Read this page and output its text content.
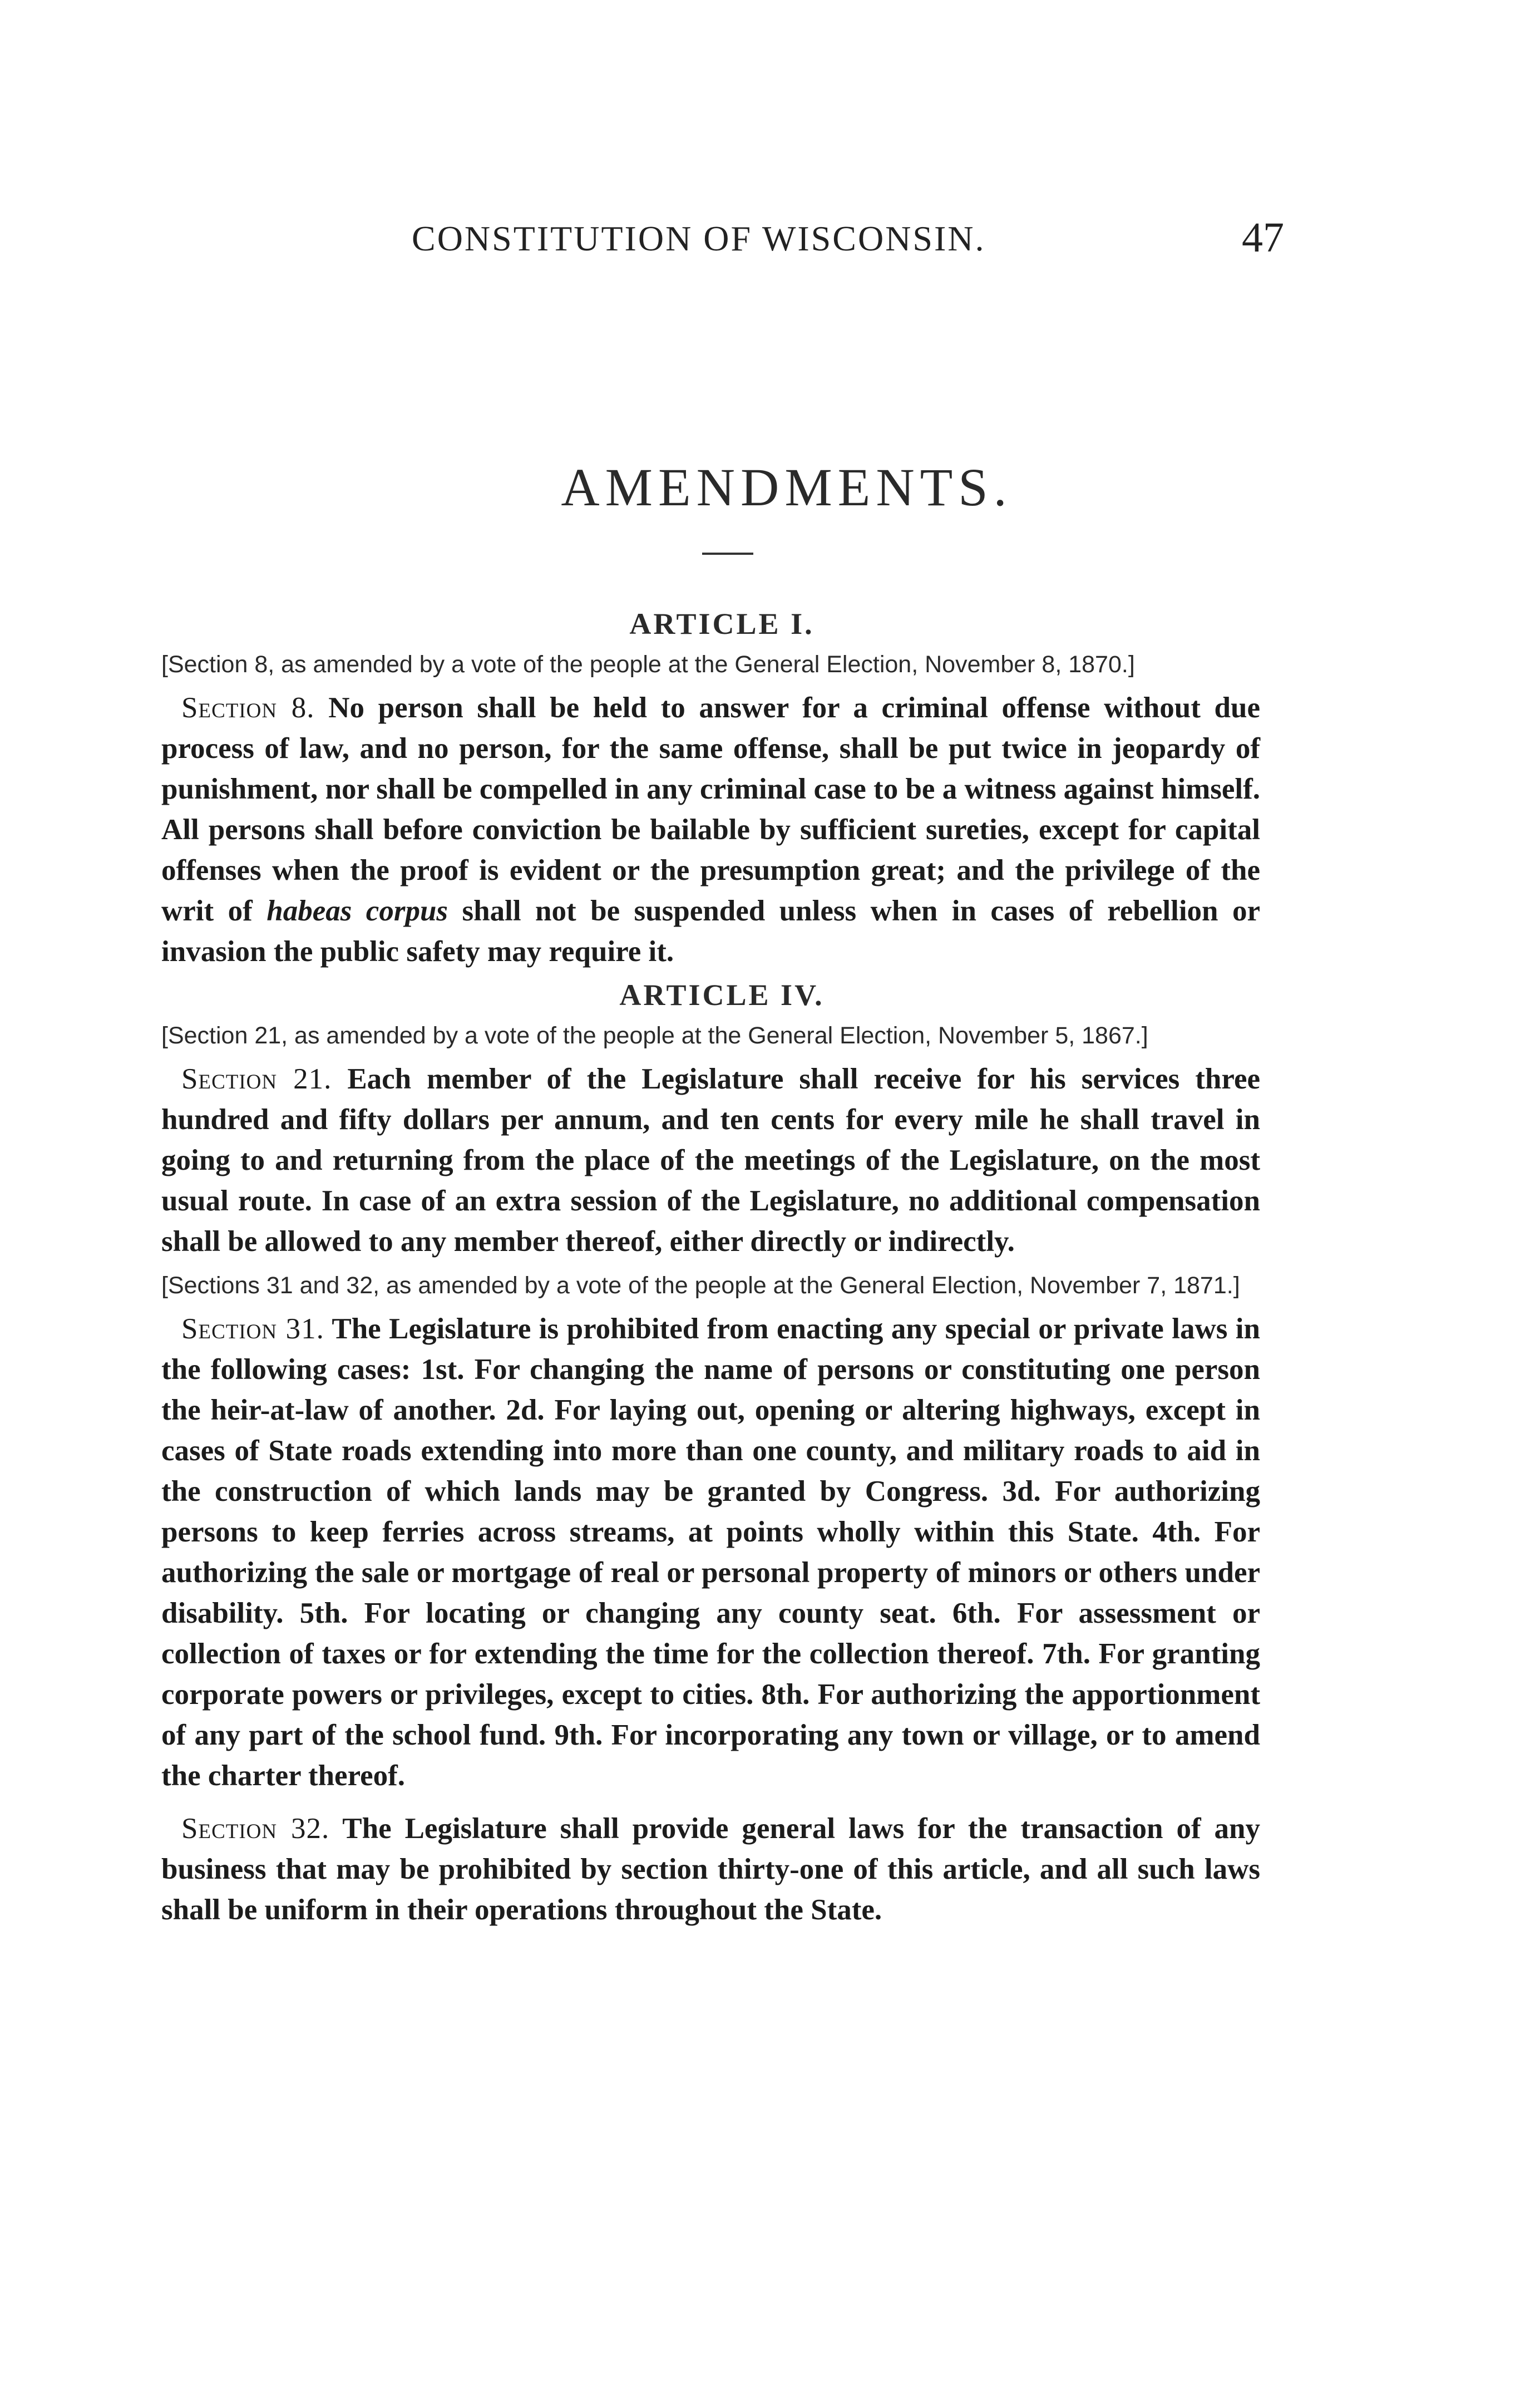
CONSTITUTION OF WISCONSIN.	47
AMENDMENTS.
ARTICLE I.

[Section 8, as amended by a vote of the people at the General Election, November 8, 1870.]

Section 8. No person shall be held to answer for a criminal offense without due process of law, and no person, for the same offense, shall be put twice in jeopardy of punishment, nor shall be compelled in any criminal case to be a witness against himself. All persons shall before conviction be bailable by sufficient sureties, except for capital offenses when the proof is evident or the presumption great; and the privilege of the writ of habeas corpus shall not be suspended unless when in cases of rebellion or invasion the public safety may require it.

ARTICLE IV.

[Section 21, as amended by a vote of the people at the General Election, November 5, 1867.]

Section 21. Each member of the Legislature shall receive for his services three hundred and fifty dollars per annum, and ten cents for every mile he shall travel in going to and returning from the place of the meetings of the Legislature, on the most usual route. In case of an extra session of the Legislature, no additional compensation shall be allowed to any member thereof, either directly or indirectly.

[Sections 31 and 32, as amended by a vote of the people at the General Election, November 7, 1871.]

Section 31. The Legislature is prohibited from enacting any special or private laws in the following cases: 1st. For changing the name of persons or constituting one person the heir-at-law of another. 2d. For laying out, opening or altering highways, except in cases of State roads extending into more than one county, and military roads to aid in the construction of which lands may be granted by Congress. 3d. For authorizing persons to keep ferries across streams, at points wholly within this State. 4th. For authorizing the sale or mortgage of real or personal property of minors or others under disability. 5th. For locating or changing any county seat. 6th. For assessment or collection of taxes or for extending the time for the collection thereof. 7th. For granting corporate powers or privileges, except to cities. 8th. For authorizing the apportionment of any part of the school fund. 9th. For incorporating any town or village, or to amend the charter thereof.

Section 32. The Legislature shall provide general laws for the transaction of any business that may be prohibited by section thirty-one of this article, and all such laws shall be uniform in their operations throughout the State.
